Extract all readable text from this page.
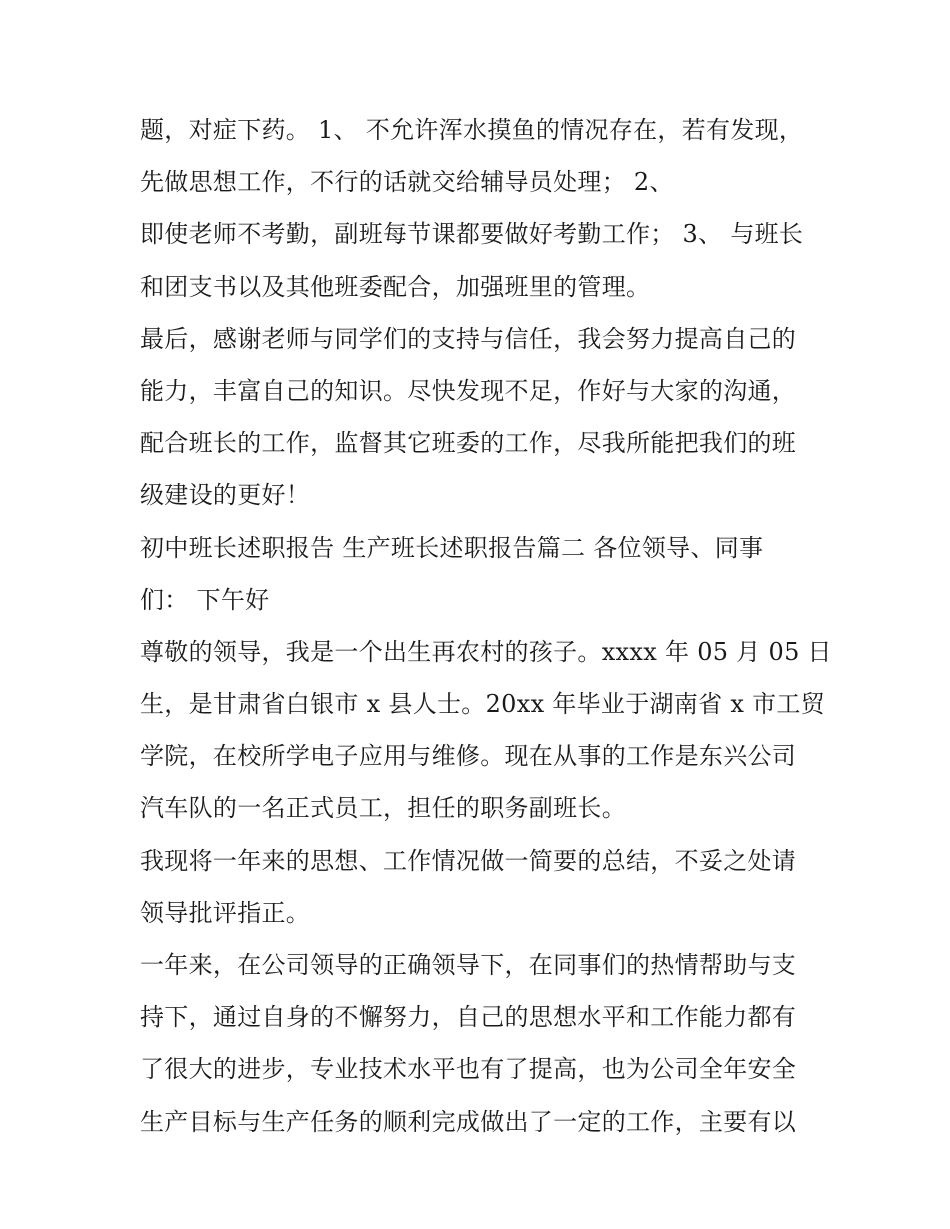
题，对症下药。 1、 不允许浑水摸鱼的情况存在，若有发现，
先做思想工作，不行的话就交给辅导员处理； 2、
即使老师不考勤，副班每节课都要做好考勤工作； 3、 与班长
和团支书以及其他班委配合，加强班里的管理。
最后，感谢老师与同学们的支持与信任，我会努力提高自己的
能力，丰富自己的知识。尽快发现不足，作好与大家的沟通，
配合班长的工作，监督其它班委的工作，尽我所能把我们的班
级建设的更好！
初中班长述职报告 生产班长述职报告篇二 各位领导、同事
们： 下午好
尊敬的领导，我是一个出生再农村的孩子。xxxx 年 05 月 05 日
生，是甘肃省白银市 x 县人士。20xx 年毕业于湖南省 x 市工贸
学院，在校所学电子应用与维修。现在从事的工作是东兴公司
汽车队的一名正式员工，担任的职务副班长。
我现将一年来的思想、工作情况做一简要的总结，不妥之处请
领导批评指正。
一年来，在公司领导的正确领导下，在同事们的热情帮助与支
持下，通过自身的不懈努力，自己的思想水平和工作能力都有
了很大的进步，专业技术水平也有了提高，也为公司全年安全
生产目标与生产任务的顺利完成做出了一定的工作，主要有以
